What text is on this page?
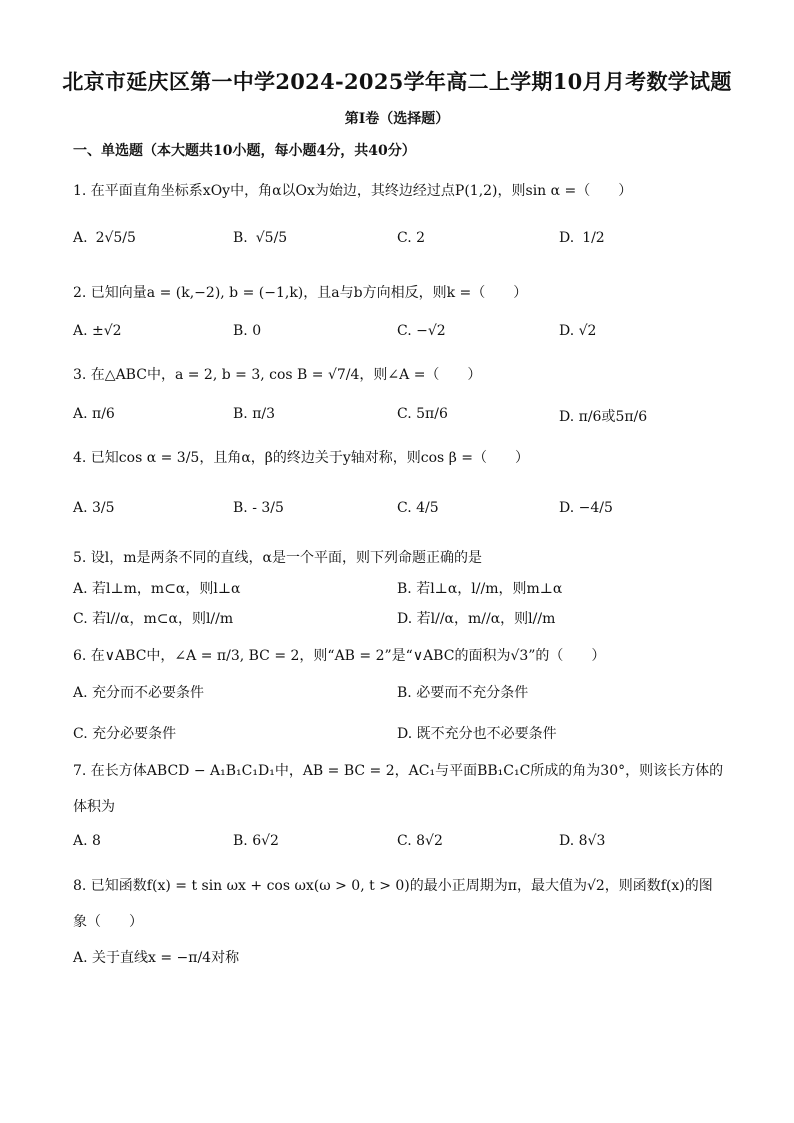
北京市延庆区第一中学2024-2025学年高二上学期10月月考数学试题
第I卷（选择题）
一、单选题（本大题共10小题，每小题4分，共40分）
1. 在平面直角坐标系xOy中，角α以Ox为始边，其终边经过点P(1,2)，则sin α =（　　）
A. 2√5/5	B. √5/5	C. 2	D. 1/2
2. 已知向量a = (k,−2), b = (−1,k)，且a与b方向相反，则k =（　　）
A. ±√2	B. 0	C. −√2	D. √2
3. 在△ABC中，a = 2, b = 3, cos B = √7/4，则∠A =（　　）
A. π/6	B. π/3	C. 5π/6	D. π/6或5π/6
4. 已知cos α = 3/5，且角α，β的终边关于y轴对称，则cos β =（　　）
A. 3/5	B. - 3/5	C. 4/5	D. −4/5
5. 设l，m是两条不同的直线，α是一个平面，则下列命题正确的是
A. 若l⊥m，m⊂α，则l⊥α	B. 若l⊥α，l//m，则m⊥α
C. 若l//α，m⊂α，则l//m	D. 若l//α，m//α，则l//m
6. 在∨ABC中，∠A = π/3, BC = 2，则“AB = 2”是“∨ABC的面积为√3”的（　　）
A. 充分而不必要条件	B. 必要而不充分条件
C. 充分必要条件	D. 既不充分也不必要条件
7. 在长方体ABCD − A₁B₁C₁D₁中，AB = BC = 2，AC₁与平面BB₁C₁C所成的角为30°，则该长方体的
体积为
A. 8	B. 6√2	C. 8√2	D. 8√3
8. 已知函数f(x) = t sin ωx + cos ωx(ω > 0, t > 0)的最小正周期为π，最大值为√2，则函数f(x)的图
象（　　）
A. 关于直线x = −π/4对称
